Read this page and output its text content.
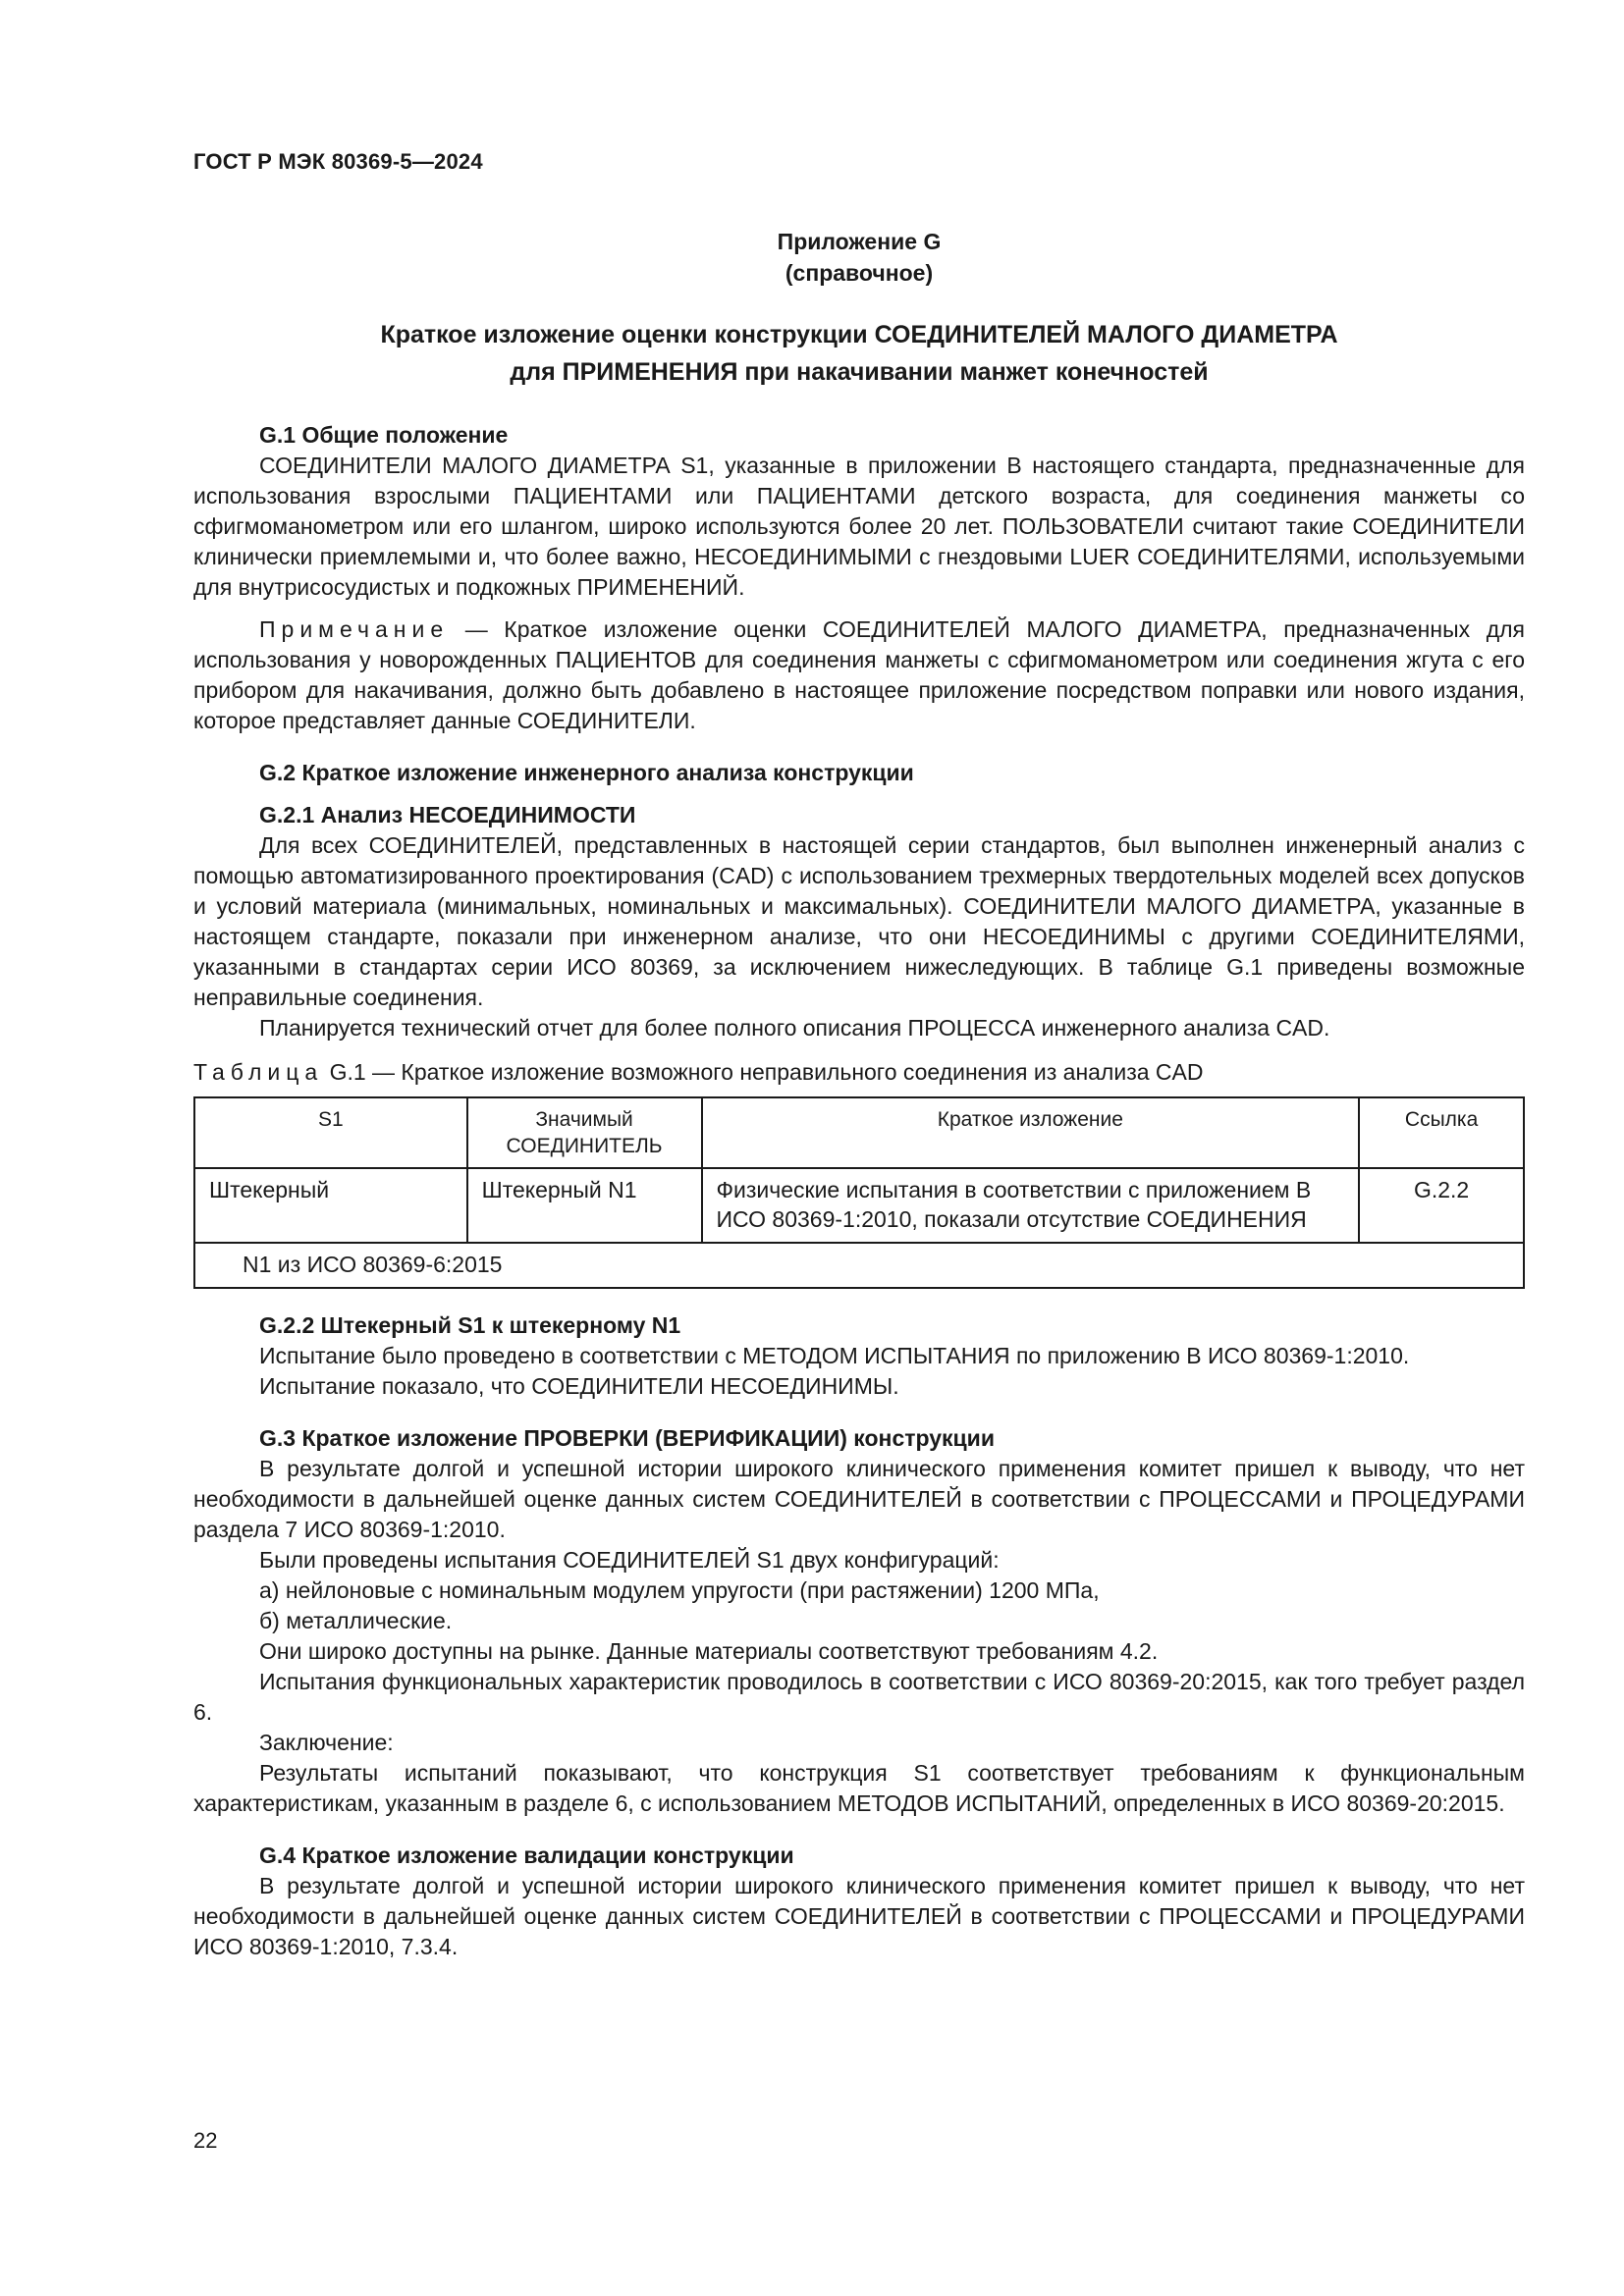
ГОСТ Р МЭК 80369-5—2024
Приложение G
(справочное)
Краткое изложение оценки конструкции СОЕДИНИТЕЛЕЙ МАЛОГО ДИАМЕТРА
для ПРИМЕНЕНИЯ при накачивании манжет конечностей
G.1 Общие положение

СОЕДИНИТЕЛИ МАЛОГО ДИАМЕТРА S1, указанные в приложении В настоящего стандарта, предназначенные для использования взрослыми ПАЦИЕНТАМИ или ПАЦИЕНТАМИ детского возраста, для соединения манжеты со сфигмоманометром или его шлангом, широко используются более 20 лет. ПОЛЬЗОВАТЕЛИ считают такие СОЕДИНИТЕЛИ клинически приемлемыми и, что более важно, НЕСОЕДИНИМЫМИ с гнездовыми LUER СОЕДИНИТЕЛЯМИ, используемыми для внутрисосудистых и подкожных ПРИМЕНЕНИЙ.

Примечание — Краткое изложение оценки СОЕДИНИТЕЛЕЙ МАЛОГО ДИАМЕТРА, предназначенных для использования у новорожденных ПАЦИЕНТОВ для соединения манжеты с сфигмоманометром или соединения жгута с его прибором для накачивания, должно быть добавлено в настоящее приложение посредством поправки или нового издания, которое представляет данные СОЕДИНИТЕЛИ.

G.2 Краткое изложение инженерного анализа конструкции
G.2.1 Анализ НЕСОЕДИНИМОСТИ

Для всех СОЕДИНИТЕЛЕЙ, представленных в настоящей серии стандартов, был выполнен инженерный анализ с помощью автоматизированного проектирования (CAD) с использованием трехмерных твердотельных моделей всех допусков и условий материала (минимальных, номинальных и максимальных). СОЕДИНИТЕЛИ МАЛОГО ДИАМЕТРА, указанные в настоящем стандарте, показали при инженерном анализе, что они НЕСОЕДИНИМЫ с другими СОЕДИНИТЕЛЯМИ, указанными в стандартах серии ИСО 80369, за исключением нижеследующих. В таблице G.1 приведены возможные неправильные соединения.

Планируется технический отчет для более полного описания ПРОЦЕССА инженерного анализа CAD.

Таблица G.1 — Краткое изложение возможного неправильного соединения из анализа CAD
S1	Значимый СОЕДИНИТЕЛЬ	Краткое изложение	Ссылка
Штекерный	Штекерный N1	Физические испытания в соответствии с приложением В ИСО 80369-1:2010, показали отсутствие СОЕДИНЕНИЯ	G.2.2
N1 из ИСО 80369-6:2015			
G.2.2 Штекерный S1 к штекерному N1

Испытание было проведено в соответствии с МЕТОДОМ ИСПЫТАНИЯ по приложению В ИСО 80369-1:2010.

Испытание показало, что СОЕДИНИТЕЛИ НЕСОЕДИНИМЫ.

G.3 Краткое изложение ПРОВЕРКИ (ВЕРИФИКАЦИИ) конструкции

В результате долгой и успешной истории широкого клинического применения комитет пришел к выводу, что нет необходимости в дальнейшей оценке данных систем СОЕДИНИТЕЛЕЙ в соответствии с ПРОЦЕССАМИ и ПРОЦЕДУРАМИ раздела 7 ИСО 80369-1:2010.

Были проведены испытания СОЕДИНИТЕЛЕЙ S1 двух конфигураций:

а) нейлоновые с номинальным модулем упругости (при растяжении) 1200 МПа,

б) металлические.

Они широко доступны на рынке. Данные материалы соответствуют требованиям 4.2.

Испытания функциональных характеристик проводилось в соответствии с ИСО 80369-20:2015, как того требует раздел 6.

Заключение:

Результаты испытаний показывают, что конструкция S1 соответствует требованиям к функциональным характеристикам, указанным в разделе 6, с использованием МЕТОДОВ ИСПЫТАНИЙ, определенных в ИСО 80369-20:2015.

G.4 Краткое изложение валидации конструкции

В результате долгой и успешной истории широкого клинического применения комитет пришел к выводу, что нет необходимости в дальнейшей оценке данных систем СОЕДИНИТЕЛЕЙ в соответствии с ПРОЦЕССАМИ и ПРОЦЕДУРАМИ ИСО 80369-1:2010, 7.3.4.

22
